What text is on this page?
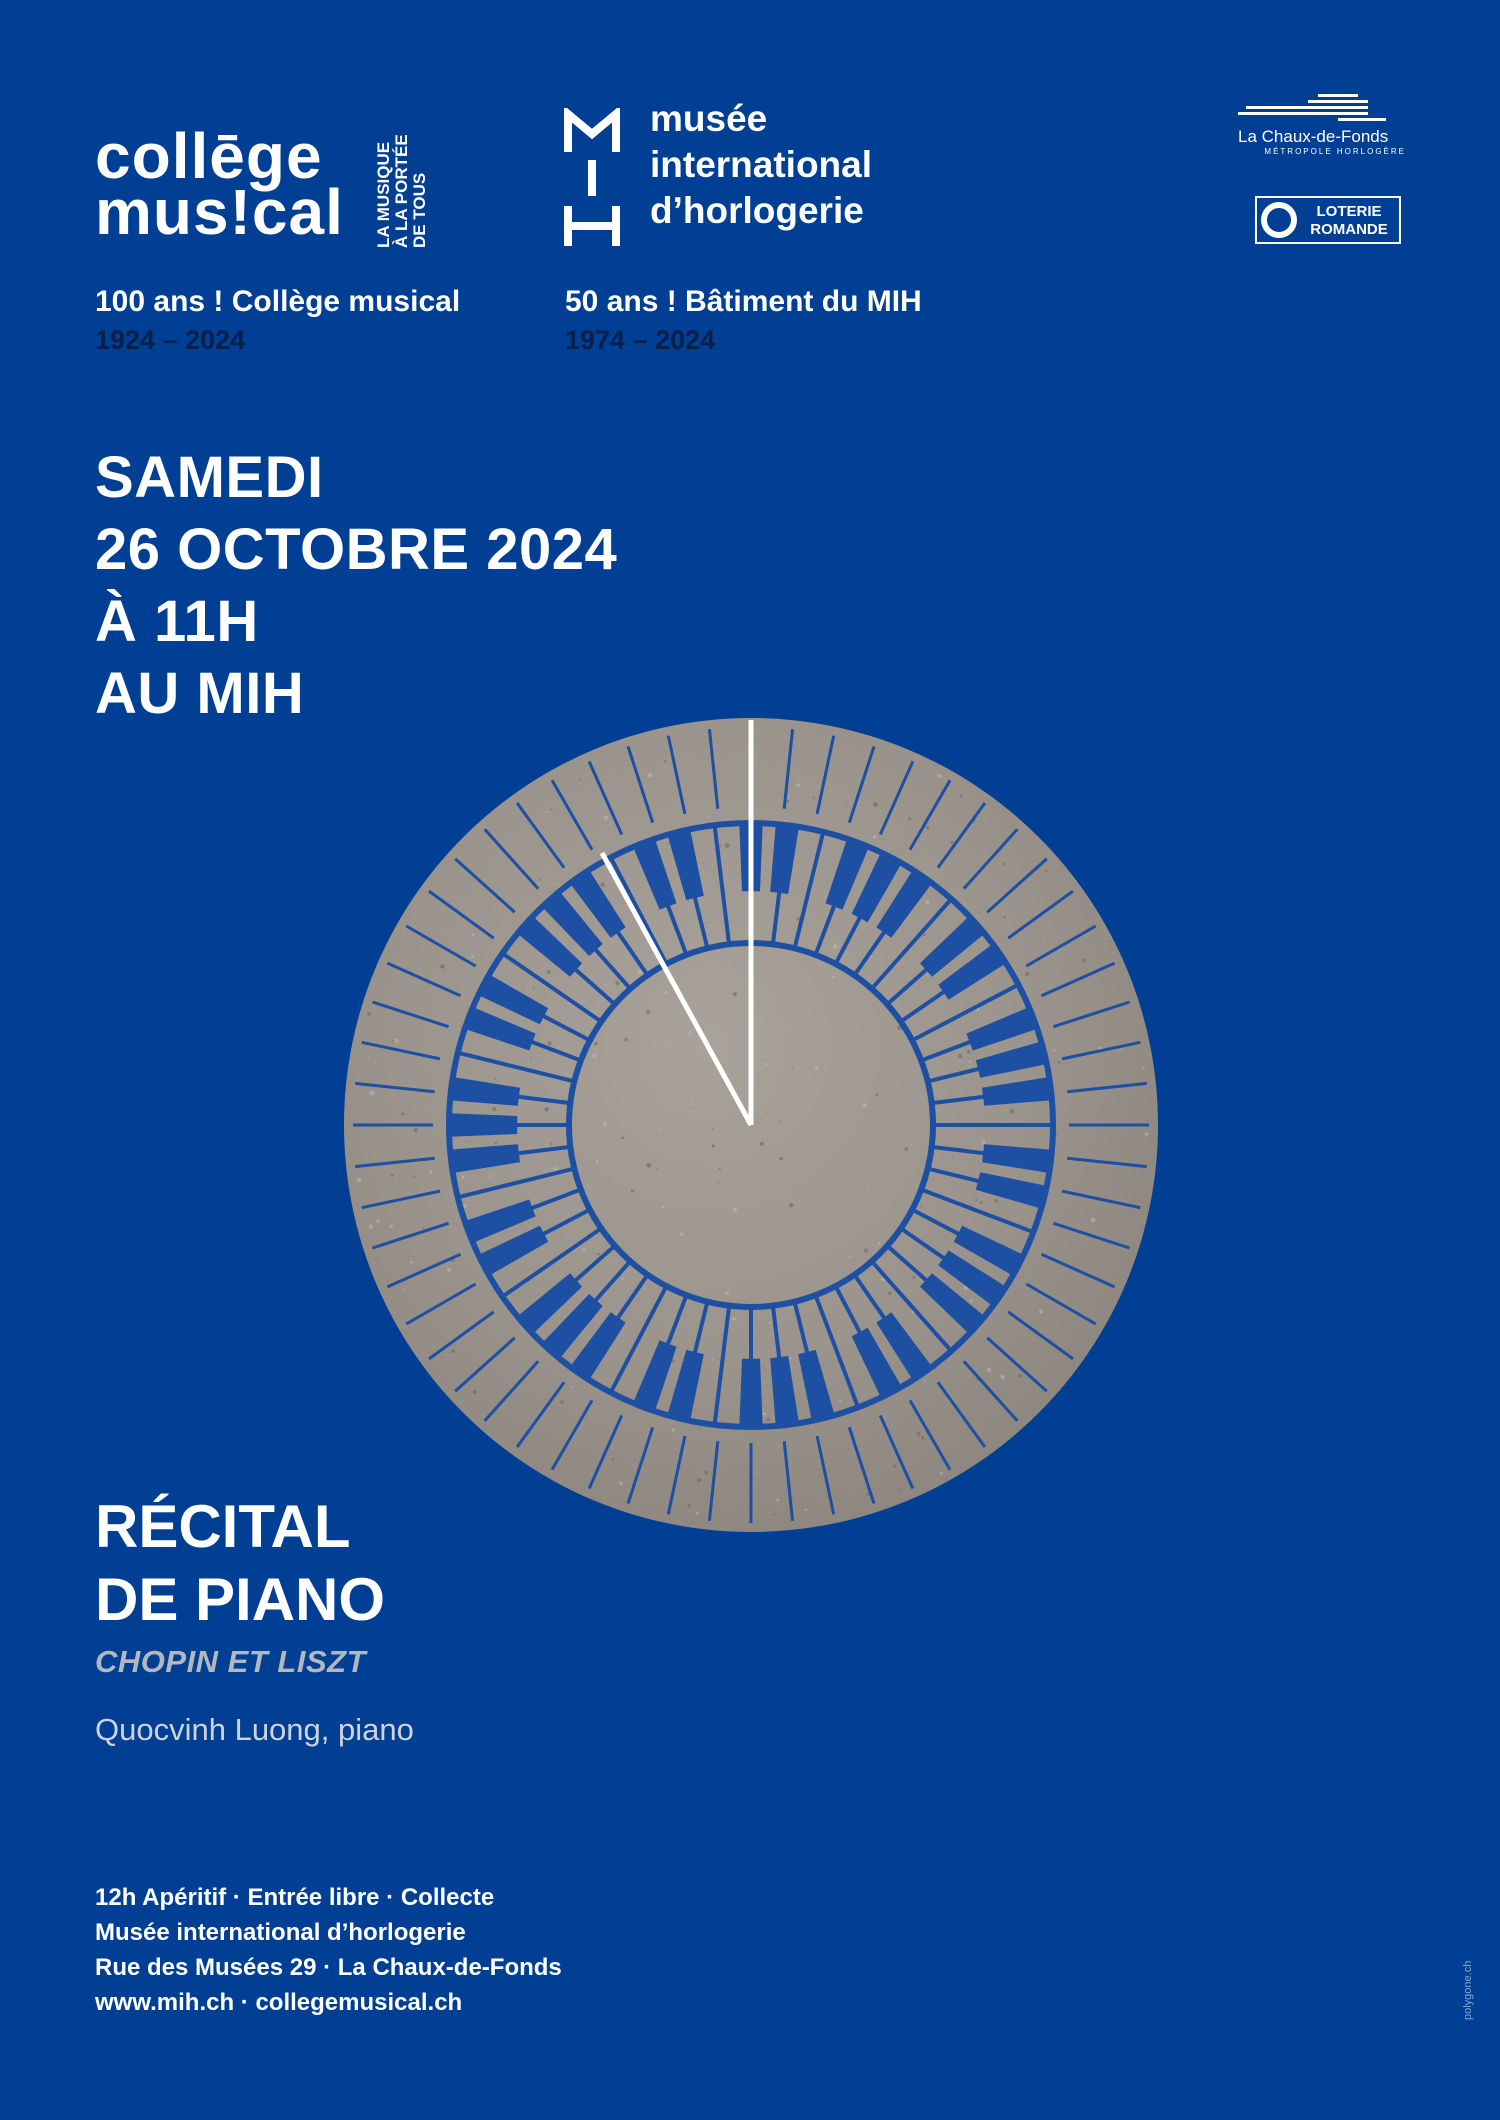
collēge
mus!cal LA MUSIQUE À LA PORTÉE DE TOUS
musée
international
d’horlogerie
La Chaux-de-Fonds
MÉTROPOLE HORLOGÈRE
LOTERIE
ROMANDE
100 ans ! Collège musical
1924 – 2024
50 ans ! Bâtiment du MIH
1974 – 2024
SAMEDI
26 OCTOBRE 2024
À 11H
AU MIH
RÉCITAL
DE PIANO
CHOPIN ET LISZT
Quocvinh Luong, piano
12h Apéritif · Entrée libre · Collecte
Musée international d’horlogerie
Rue des Musées 29 · La Chaux-de-Fonds
www.mih.ch · collegemusical.ch	polygone.ch
